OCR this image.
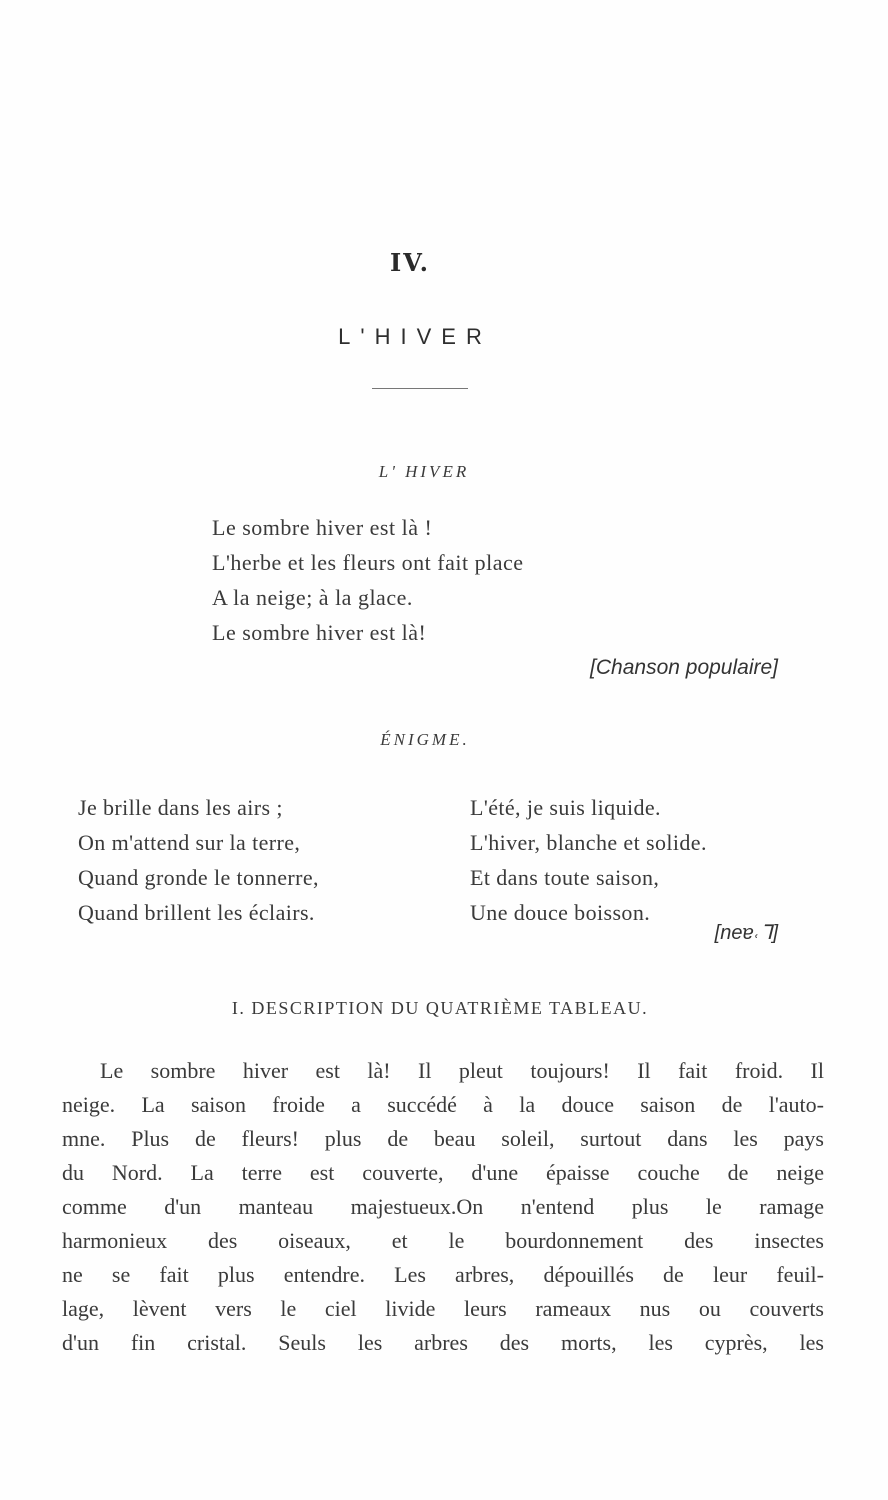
IV.
L'HIVER
L' HIVER
Le sombre hiver est là !
L'herbe et les fleurs ont fait place
A la neige; à la glace.
Le sombre hiver est là!
[Chanson populaire]
ÉNIGME.
Je brille dans les airs ;
On m'attend sur la terre,
Quand gronde le tonnerre,
Quand brillent les éclairs.
L'été, je suis liquide.
L'hiver, blanche et solide.
Et dans toute saison,
Une douce boisson.
[neɐ˓ᒣ]
I. DESCRIPTION DU QUATRIÈME TABLEAU.
Le sombre hiver est là! Il pleut toujours! Il fait froid. Il
neige. La saison froide a succédé à la douce saison de l'auto-
mne. Plus de fleurs! plus de beau soleil, surtout dans les pays
du Nord. La terre est couverte, d'une épaisse couche de neige
comme d'un manteau majestueux.On n'entend plus le ramage
harmonieux des oiseaux, et le bourdonnement des insectes
ne se fait plus entendre. Les arbres, dépouillés de leur feuil-
lage, lèvent vers le ciel livide leurs rameaux nus ou couverts
d'un fin cristal. Seuls les arbres des morts, les cyprès, les
